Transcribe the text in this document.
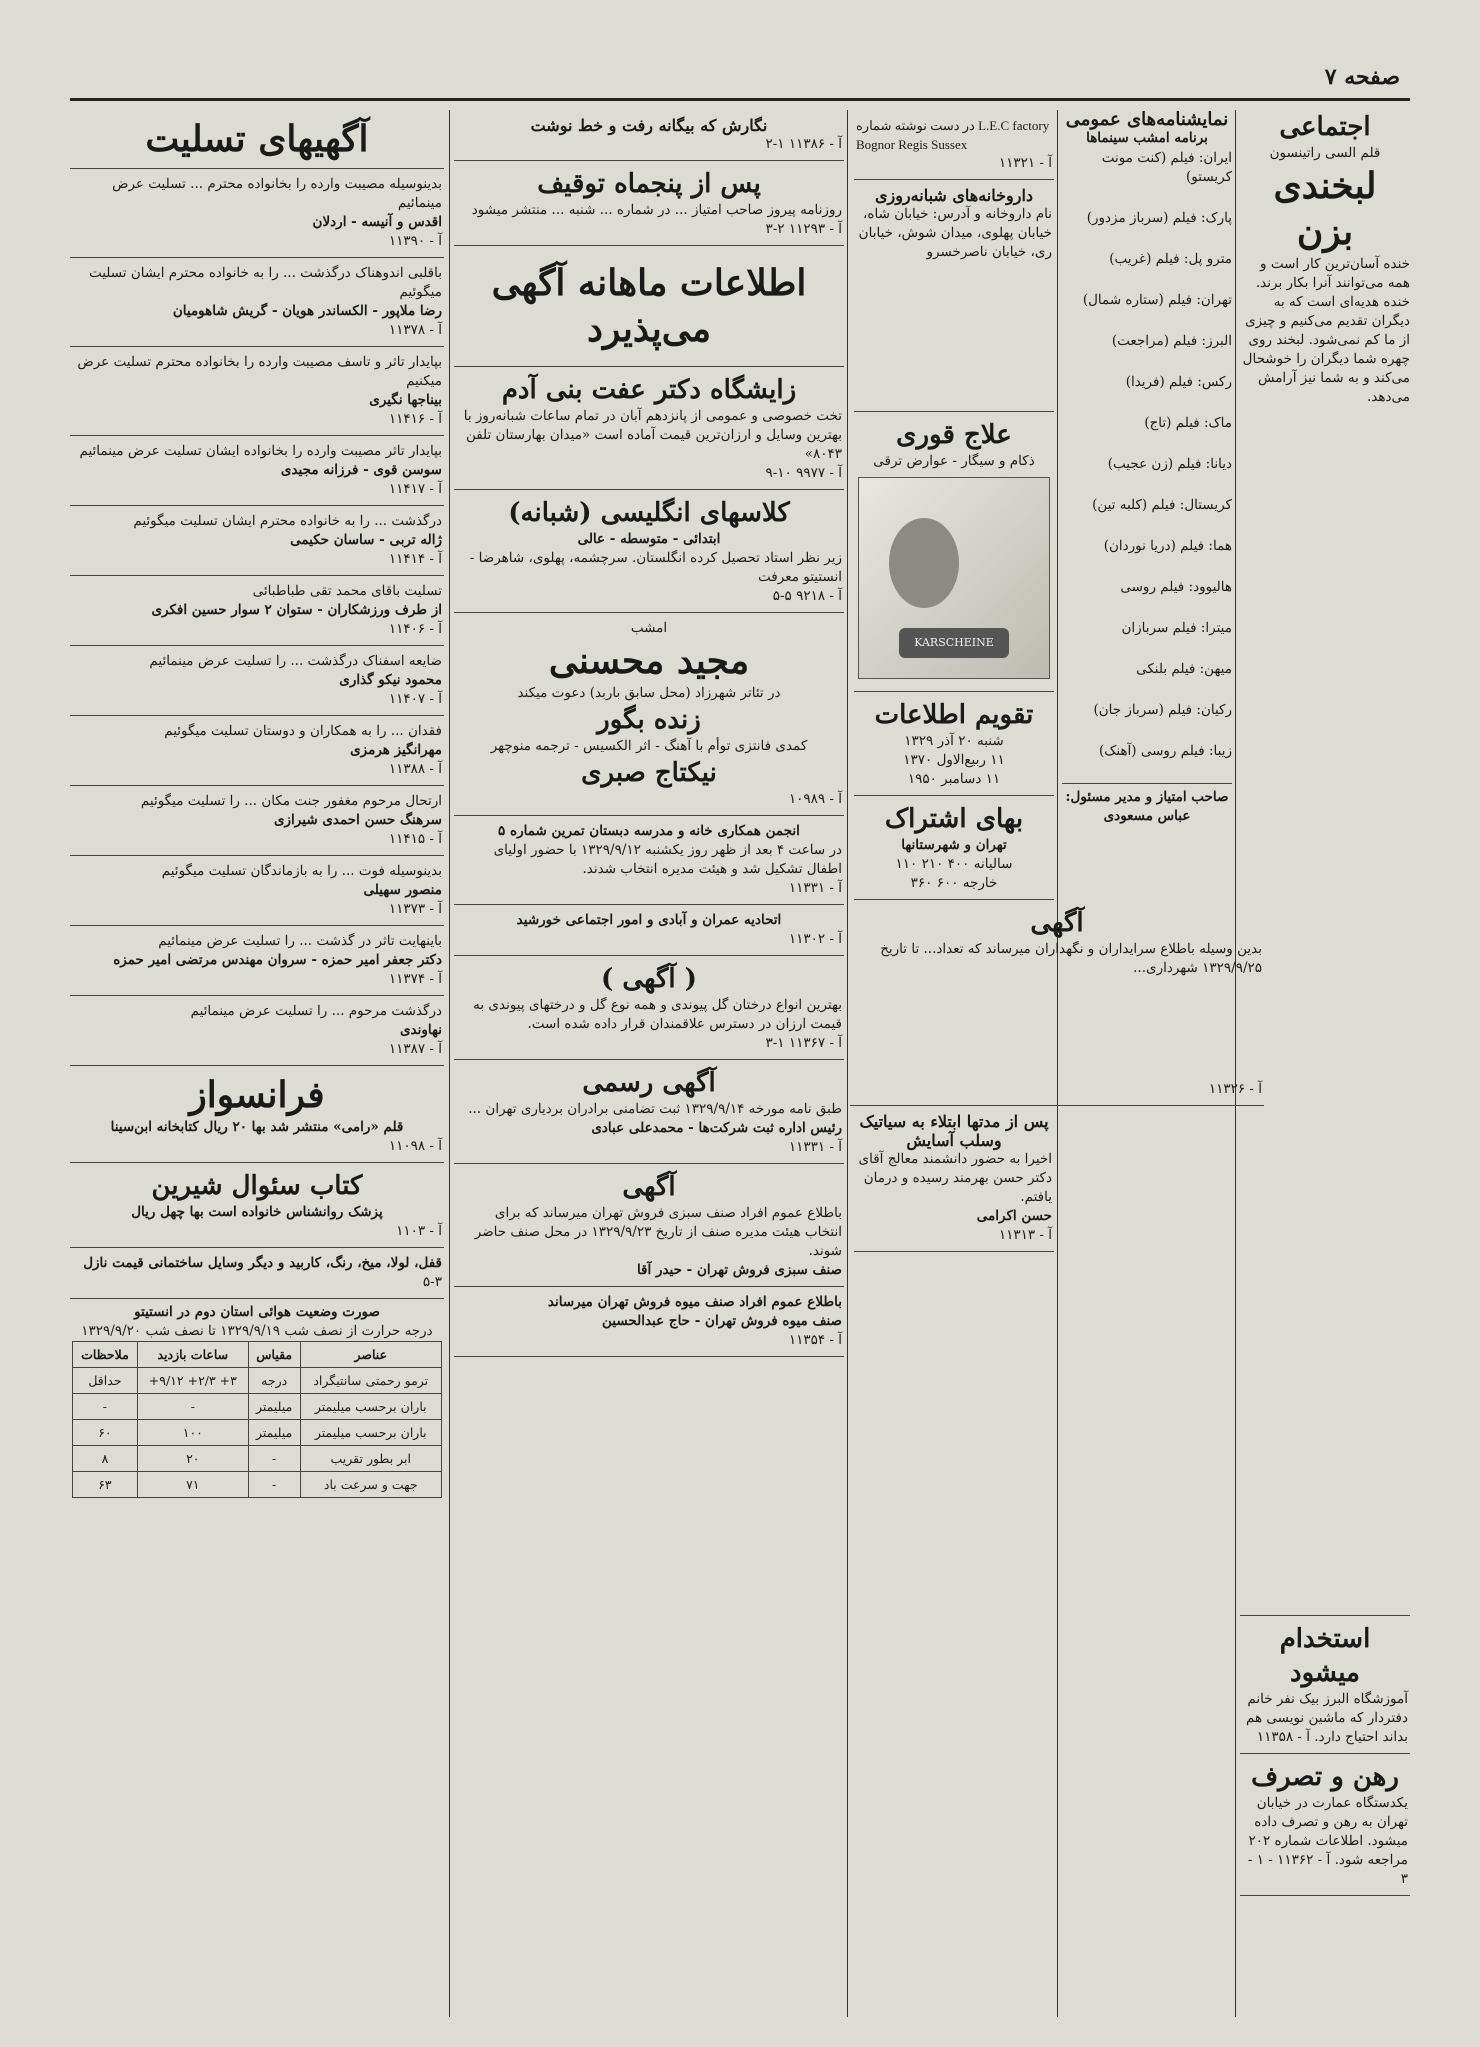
صفحه ۷
اجتماعی
قلم السی ‌راتینسون
لبخندی بزن
خنده آسان‌ترین کار است و همه می‌توانند آنرا بکار برند. خنده هدیه‌ای است که به دیگران تقدیم می‌کنیم و چیزی از ما کم نمی‌شود. لبخند روی چهره شما دیگران را خوشحال می‌کند و به شما نیز آرامش می‌دهد.
استخدام میشود
آموزشگاه البرز بیک نفر خانم دفتردار که ماشین نویسی هم بداند احتیاج دارد. آ - ۱۱۳۵۸
رهن و تصرف
یکدستگاه عمارت در خیابان تهران به رهن و تصرف داده میشود. اطلاعات شماره ۲۰۲ مراجعه شود. آ - ۱۱۳۶۲ - ۱ - ۳
نمایشنامه‌های عمومی
برنامه امشب سینماها
ایران: فیلم (کنت مونت کریستو)
پارک: فیلم (سرباز مزدور)
مترو پل: فیلم (غریب)
تهران: فیلم (ستاره شمال)
البرز: فیلم (مراجعت)
رکس: فیلم (فریدا)
ماک: فیلم (تاج)
دیانا: فیلم (زن عجیب)
کریستال: فیلم (کلبه تین)
هما: فیلم (دریا نوردان)
هالیوود: فیلم روسی
میترا: فیلم سربازان
میهن: فیلم بلنکی
رکیان: فیلم (سرباز جان)
زیبا: فیلم روسی (آهنک)
صاحب امتیاز و مدیر مسئول: عباس مسعودی
در دست نوشته شماره L.E.C factory Bognor Regis Sussex
آ - ۱۱۳۲۱
داروخانه‌های شبانه‌روزی
نام داروخانه و آدرس: خیابان شاه، خیابان پهلوی، میدان شوش، خیابان ری، خیابان ناصرخسرو
علاج قوری
ذکام و سیگار - عوارض ترقی
KARSCHEINE
تقویم اطلاعات
شنبه ۲۰ آذر ۱۳۲۹
۱۱ ربیع‌الاول ۱۳۷۰
۱۱ دسامبر ۱۹۵۰
بهای اشتراک
تهران و شهرستانها
سالیانه ۴۰۰ ۲۱۰ ۱۱۰
خارجه ۶۰۰ ۳۶۰
آگهی
بدین وسیله باطلاع سرایداران و نگهداران میرساند که تعداد... تا تاریخ ۱۳۲۹/۹/۲۵ شهرداری...
آ - ۱۱۳۲۶
پس از مدتها ابتلاء به سیاتیک وسلب آسایش
اخیرا به حضور دانشمند معالج آقای دکتر حسن بهرمند رسیده و درمان یافتم.
حسن اکرامی
آ - ۱۱۳۱۳
نگارش که بیگانه رفت و خط نوشت
آ - ۱۱۳۸۶ ۱-۲
پس از پنجماه توقیف
روزنامه پیروز صاحب امتیاز ... در شماره ... شنبه ... منتشر میشود
آ - ۱۱۲۹۳ ۲-۳
اطلاعات ماهانه آگهی می‌پذیرد
زایشگاه دکتر عفت بنی آدم
تخت خصوصی و عمومی از پانزدهم آبان در تمام ساعات شبانه‌روز با بهترین وسایل و ارزان‌ترین قیمت آماده است «میدان بهارستان تلفن ۸۰۴۳»
آ - ۹۹۷۷ ۱۰-۹
کلاسهای انگلیسی (شبانه)
ابتدائی - متوسطه - عالی
زیر نظر استاد تحصیل کرده انگلستان. سرچشمه، پهلوی، شاهرضا - انستیتو معرفت
آ - ۹۲۱۸ ۵-۵
امشب
مجید محسنی
در تئاتر شهرزاد (محل سابق باربد) دعوت میکند
زنده بگور
کمدی فانتزی توأم با آهنگ - اثر الکسیس - ترجمه منوچهر
نیکتاج صبری
آ - ۱۰۹۸۹
انجمن همکاری خانه و مدرسه دبستان تمرین شماره ۵
در ساعت ۴ بعد از ظهر روز یکشنبه ۱۳۲۹/۹/۱۲ با حضور اولیای اطفال تشکیل شد و هیئت مدیره انتخاب شدند.
آ - ۱۱۳۳۱
اتحادیه عمران و آبادی و امور اجتماعی خورشید
آ - ۱۱۳۰۲
( آگهی )
بهترین انواع درختان گل پیوندی و همه نوع گل و درختهای پیوندی به قیمت ارزان در دسترس علاقمندان قرار داده شده است.
آ - ۱۱۳۶۷ ۱-۳
آگهی رسمی
طبق نامه مورخه ۱۳۲۹/۹/۱۴ ثبت تضامنی برادران بردیاری تهران ...
رئیس اداره ثبت شرکت‌ها - محمدعلی عبادی
آ - ۱۱۳۳۱
آگهی
باطلاع عموم افراد صنف سبزی فروش تهران میرساند که برای انتخاب هیئت مدیره صنف از تاریخ ۱۳۲۹/۹/۲۳ در محل صنف حاضر شوند.
صنف سبزی فروش تهران - حیدر آقا
باطلاع عموم افراد صنف میوه فروش تهران میرساند
صنف میوه فروش تهران - حاج عبدالحسین
آ - ۱۱۳۵۴
آگهیهای تسلیت
بدینوسیله مصیبت وارده را بخانواده محترم ... تسلیت عرض مینمائیم
اقدس و آنیسه - اردلان
آ - ۱۱۳۹۰
باقلبی اندوهناک درگذشت ... را به خانواده محترم ایشان تسلیت میگوئیم
رضا ملاپور - الکساندر هویان - گریش شاهومیان
آ - ۱۱۳۷۸
بپایدار تاثر و تاسف مصیبت وارده را بخانواده محترم تسلیت عرض میکنیم
بیناجها نگیری
آ - ۱۱۴۱۶
بپایدار تاثر مصیبت وارده را بخانواده ایشان تسلیت عرض مینمائیم
سوسن قوی - فرزانه مجیدی
آ - ۱۱۴۱۷
درگذشت ... را به خانواده محترم ایشان تسلیت میگوئیم
ژاله تربی - ساسان حکیمی
آ - ۱۱۴۱۴
تسلیت باقای محمد تقی طباطبائی
از طرف ورزشکاران - ستوان ۲ سوار حسین افکری
آ - ۱۱۴۰۶
ضایعه اسفناک درگذشت ... را تسلیت عرض مینمائیم
محمود نیکو گذاری
آ - ۱۱۴۰۷
فقدان ... را به همکاران و دوستان تسلیت میگوئیم
مهرانگیز هرمزی
آ - ۱۱۳۸۸
ارتحال مرحوم مغفور جنت مکان ... را تسلیت میگوئیم
سرهنگ حسن احمدی شیرازی
آ - ۱۱۴۱۵
بدینوسیله فوت ... را به بازماندگان تسلیت میگوئیم
منصور سهیلی
آ - ۱۱۳۷۳
باینهایت تاثر در گذشت ... را تسلیت عرض مینمائیم
دکتر جعفر امیر حمزه - سروان مهندس مرتضی امیر حمزه
آ - ۱۱۳۷۴
درگذشت مرحوم ... را تسلیت عرض مینمائیم
نهاوندی
آ - ۱۱۳۸۷
فرانسواز
قلم «رامی» منتشر شد بها ۲۰ ریال کتابخانه ابن‌سینا
آ - ۱۱۰۹۸
کتاب سئوال شیرین
پزشک روانشناس خانواده است بها چهل ریال
آ - ۱۱۰۳
قفل، لولا، میخ، رنگ، کاربید و دیگر وسایل ساختمانی قیمت نازل
۵-۳
صورت وضعیت هوائی استان دوم در انستیتو
درجه حرارت از نصف شب ۱۳۲۹/۹/۱۹ تا نصف شب ۱۳۲۹/۹/۲۰
عناصر	مقیاس	ساعات بازدید	ملاحظات
ترمو رحمتی سانتیگراد	درجه	۳+ ۲/۳+ ۹/۱۲+	حداقل
باران برحسب میلیمتر	میلیمتر	-	-
باران برحسب میلیمتر	میلیمتر	۱۰۰	۶۰
ابر بطور تقریب	-	۲۰	۸
جهت و سرعت باد	-	۷۱	۶۳
